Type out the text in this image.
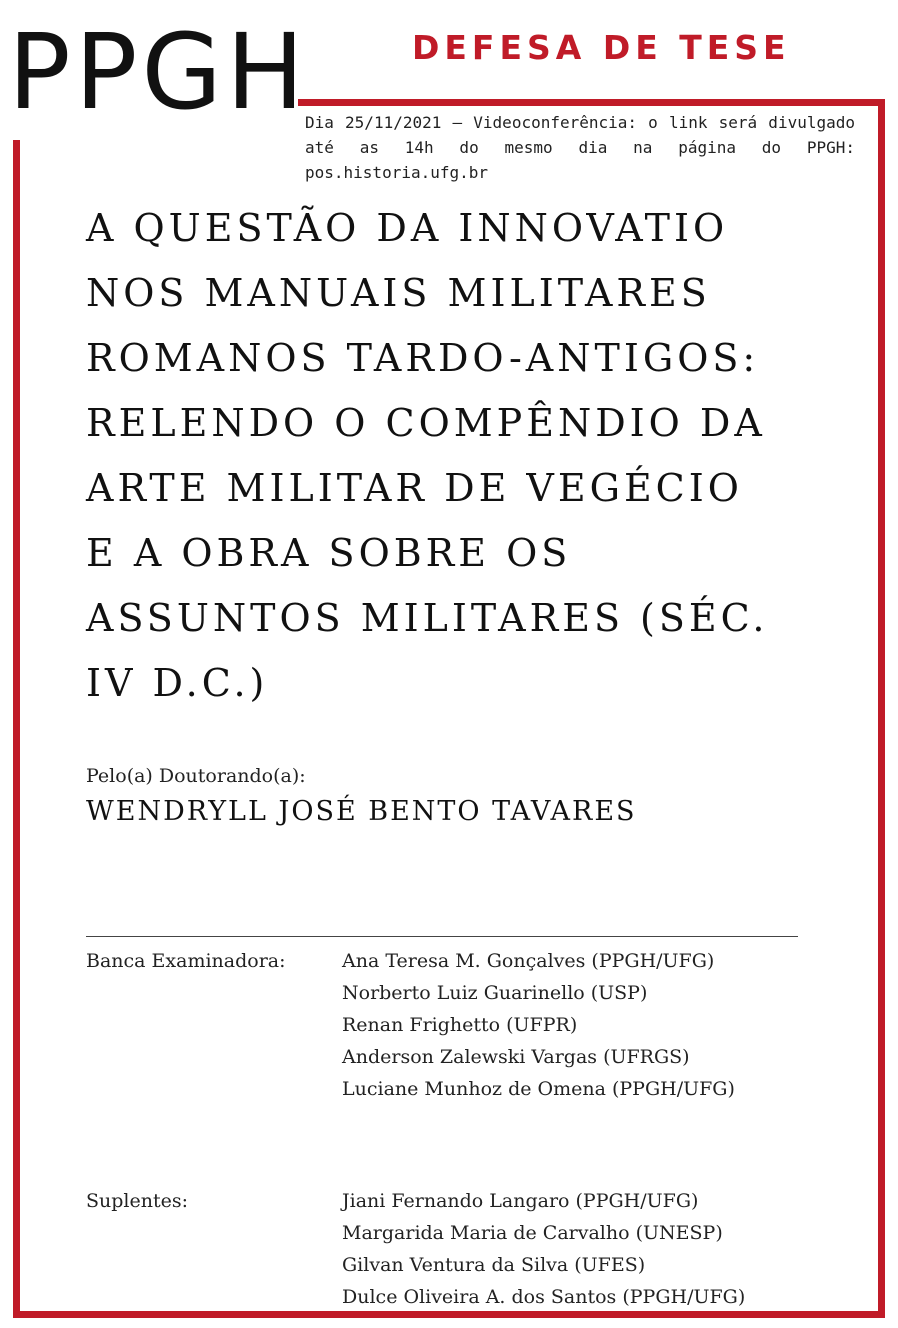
PPGH	DEFESA DE TESE
Dia 25/11/2021 – Videoconferência: o link será divulgado até as 14h do mesmo dia na página do PPGH: pos.historia.ufg.br
A QUESTÃO DA INNOVATIO
NOS MANUAIS MILITARES
ROMANOS TARDO-ANTIGOS:
RELENDO O COMPÊNDIO DA
ARTE MILITAR DE VEGÉCIO
E A OBRA SOBRE OS
ASSUNTOS MILITARES (SÉC.
IV D.C.)
Pelo(a) Doutorando(a):
WENDRYLL JOSÉ BENTO TAVARES
Banca Examinadora:	Ana Teresa M. Gonçalves (PPGH/UFG)
Norberto Luiz Guarinello (USP)
Renan Frighetto (UFPR)
Anderson Zalewski Vargas (UFRGS)
Luciane Munhoz de Omena (PPGH/UFG)
Suplentes:	Jiani Fernando Langaro (PPGH/UFG)
Margarida Maria de Carvalho (UNESP)
Gilvan Ventura da Silva (UFES)
Dulce Oliveira A. dos Santos (PPGH/UFG)
